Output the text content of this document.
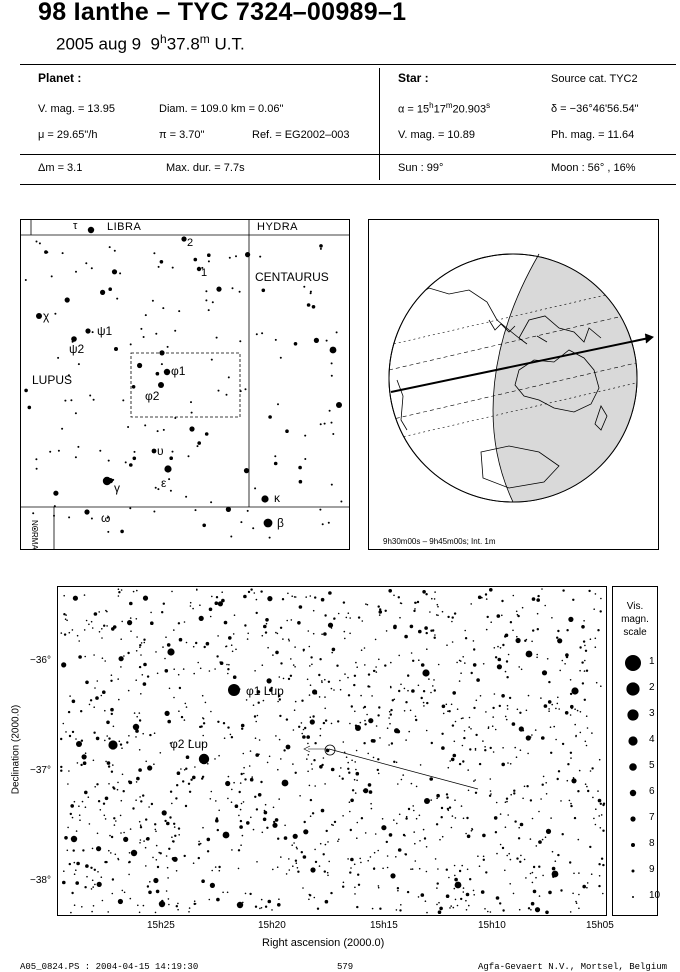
98 Ianthe – TYC 7324–00989–1
2005 aug 9 9$^h$37.8$^m$ U.T.
Planet :
V. mag. = 13.95	Diam. = 109.0 km = 0.06"
μ = 29.65"/h	π = 3.70"	Ref. = EG2002–003
Δm = 3.1	Max. dur. = 7.7s
Star :	Source cat. TYC2
$\alpha = 15^h17^m20.903^s$	δ = −36°46'56.54"
V. mag. = 10.89	Ph. mag. = 11.64
Sun : 99°	Moon : 56° , 16%
LIBRA	HYDRA
CENTAURUS
LUPUS
NORMA
τ
2
1
χ
ψ1
ψ2
φ1
φ2
υ
ε
γ
ω
κ
β
9h30m00s – 9h45m00s; Int. 1m
Declination (2000.0)
φ1 Lup
φ2 Lup
−36°
−37°
−38°
15h25	15h20	15h15	15h10	15h05
Right ascension (2000.0)
Vis.
magn.
scale
1
2
3
4
5
6
7
8
9
10
A05_0824.PS : 2004-04-15 14:19:30	579	Agfa-Gevaert N.V., Mortsel, Belgium
